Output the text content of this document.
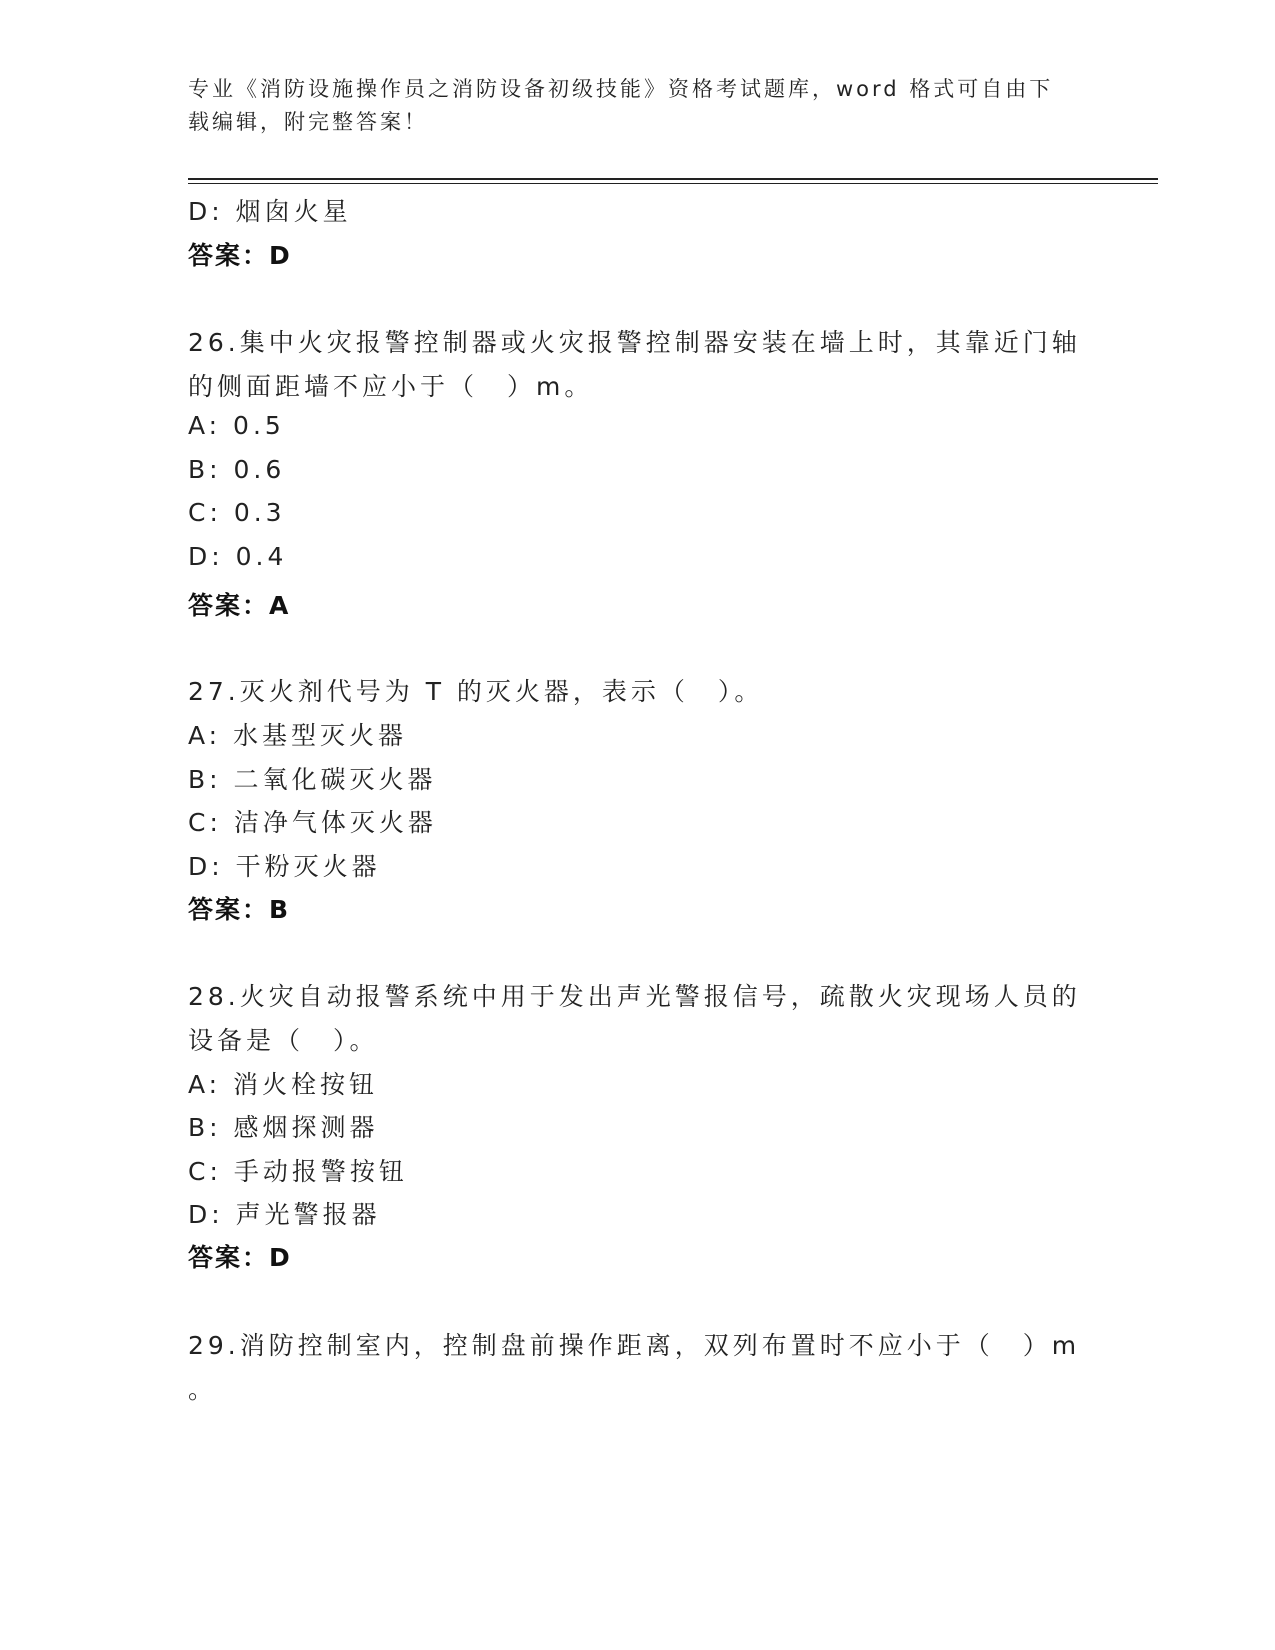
专业《消防设施操作员之消防设备初级技能》资格考试题库，word 格式可自由下
载编辑，附完整答案！
D: 烟囱火星
答案：D
26.集中火灾报警控制器或火灾报警控制器安装在墙上时，其靠近门轴
的侧面距墙不应小于（　）m。
A: 0.5
B: 0.6
C: 0.3
D: 0.4
答案：A
27.灭火剂代号为 T 的灭火器，表示（　）。
A: 水基型灭火器
B: 二氧化碳灭火器
C: 洁净气体灭火器
D: 干粉灭火器
答案：B
28.火灾自动报警系统中用于发出声光警报信号，疏散火灾现场人员的
设备是（　）。
A: 消火栓按钮
B: 感烟探测器
C: 手动报警按钮
D: 声光警报器
答案：D
29.消防控制室内，控制盘前操作距离，双列布置时不应小于（　）m
。
